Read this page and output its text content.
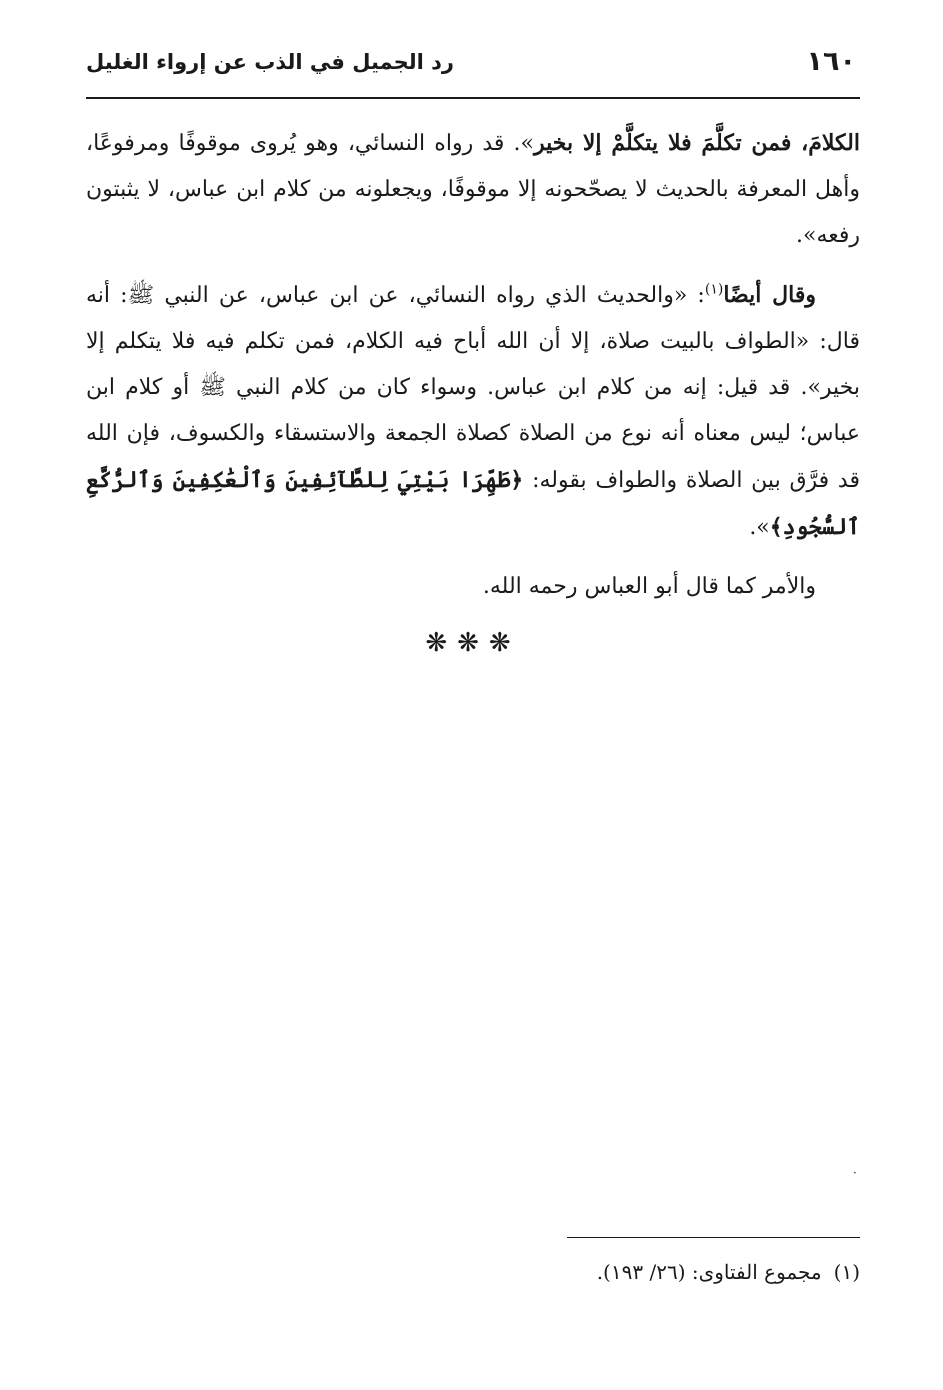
١٦٠
رد الجميل في الذب عن إرواء الغليل

الكلامَ، فمن تكلَّمَ فلا يتكلَّمْ إلا بخير». قد رواه النسائي، وهو يُروى موقوفًا ومرفوعًا، وأهل المعرفة بالحديث لا يصحّحونه إلا موقوفًا، ويجعلونه من كلام ابن عباس، لا يثبتون رفعه».

وقال أيضًا$^{(١)}$: «والحديث الذي رواه النسائي، عن ابن عباس، عن النبي ﷺ: أنه قال: «الطواف بالبيت صلاة، إلا أن الله أباح فيه الكلام، فمن تكلم فيه فلا يتكلم إلا بخير». قد قيل: إنه من كلام ابن عباس. وسواء كان من كلام النبي ﷺ أو كلام ابن عباس؛ ليس معناه أنه نوع من الصلاة كصلاة الجمعة والاستسقاء والكسوف، فإن الله قد فرَّق بين الصلاة والطواف بقوله: ﴿طَهِّرَا بَيْتِيَ لِلطَّآئِفِينَ وَٱلْعَٰكِفِينَ وَٱلرُّكَّعِ ٱلسُّجُودِ﴾».

والأمر كما قال أبو العباس رحمه الله.

❋❋❋
·
(١)مجموع الفتاوى: (٢٦/ ١٩٣).
